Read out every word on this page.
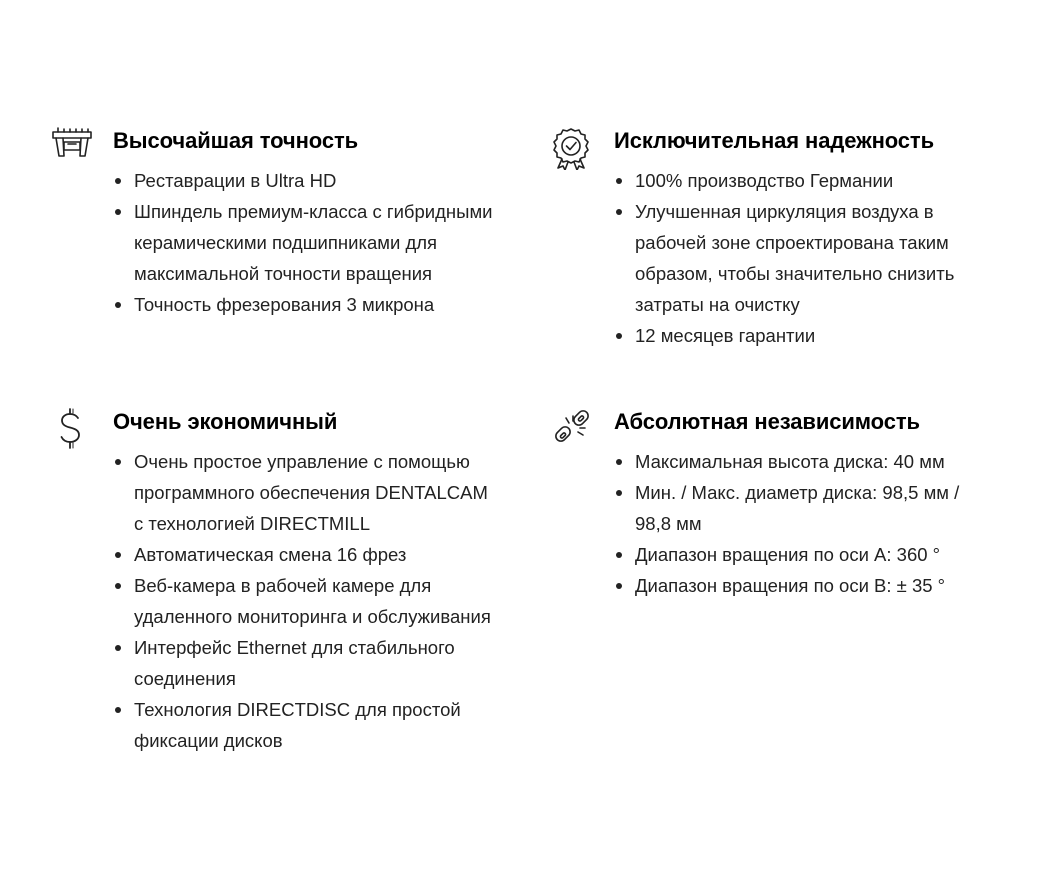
Высочайшая точность
Реставрации в Ultra HD
Шпиндель премиум-класса с гибридными керамическими подшипниками для максимальной точности вращения
Точность фрезерования 3 микрона
Исключительная надежность
100% производство Германии
Улучшенная циркуляция воздуха в рабочей зоне спроектирована таким образом, чтобы значительно снизить затраты на очистку
12 месяцев гарантии
Очень экономичный
Очень простое управление с помощью программного обеспечения DENTALCAM с технологией DIRECTMILL
Автоматическая смена 16 фрез
Веб-камера в рабочей камере для удаленного мониторинга и обслуживания
Интерфейс Ethernet для стабильного соединения
Технология DIRECTDISC для простой фиксации дисков
Абсолютная независимость
Максимальная высота диска: 40 мм
Мин. / Макс. диаметр диска: 98,5 мм / 98,8 мм
Диапазон вращения по оси A: 360 °
Диапазон вращения по оси B: ± 35 °
